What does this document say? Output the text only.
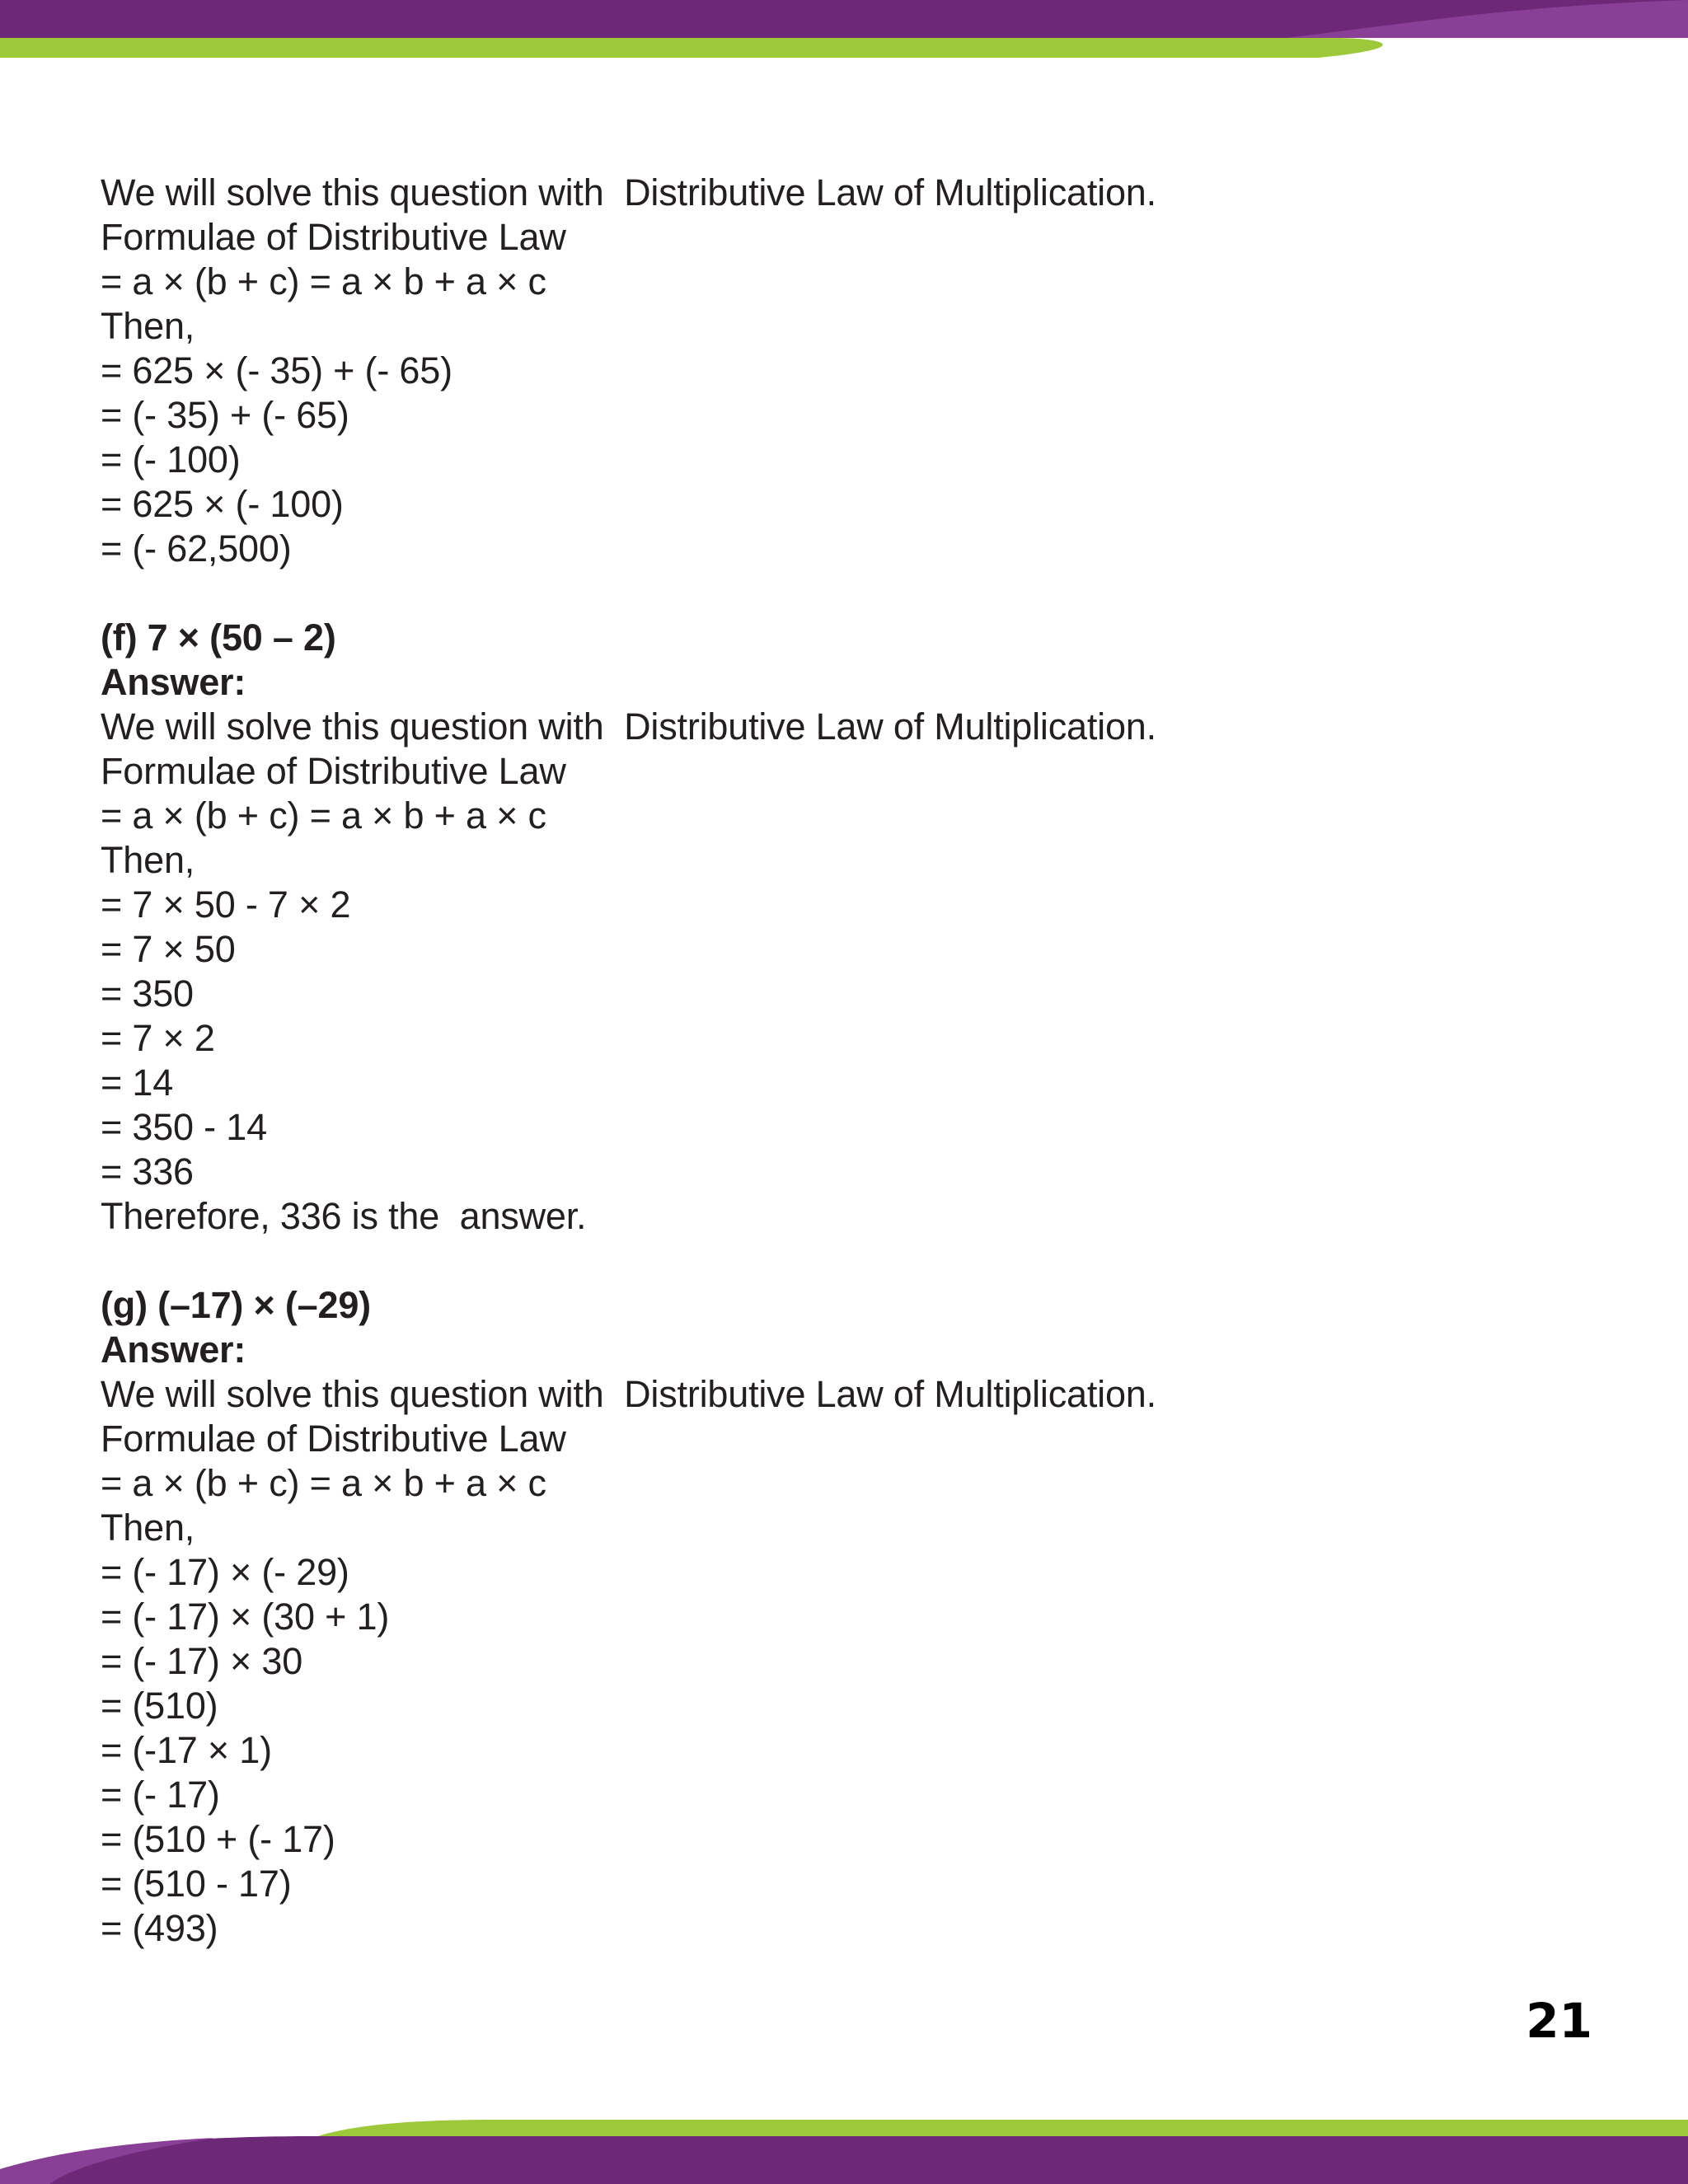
We will solve this question with  Distributive Law of Multiplication.
Formulae of Distributive Law
= a × (b + c) = a × b + a × c
Then,
= 625 × (- 35) + (- 65)
= (- 35) + (- 65)
= (- 100)
= 625 × (- 100)
= (- 62,500)
(f) 7 × (50 – 2)
Answer:
We will solve this question with  Distributive Law of Multiplication.
Formulae of Distributive Law
= a × (b + c) = a × b + a × c
Then,
= 7 × 50 - 7 × 2
= 7 × 50
= 350
= 7 × 2
= 14
= 350 - 14
= 336
Therefore, 336 is the  answer.
(g) (–17) × (–29)
Answer:
We will solve this question with  Distributive Law of Multiplication.
Formulae of Distributive Law
= a × (b + c) = a × b + a × c
Then,
= (- 17) × (- 29)
= (- 17) × (30 + 1)
= (- 17) × 30
= (510)
= (-17 × 1)
= (- 17)
= (510 + (- 17)
= (510 - 17)
= (493)
21
